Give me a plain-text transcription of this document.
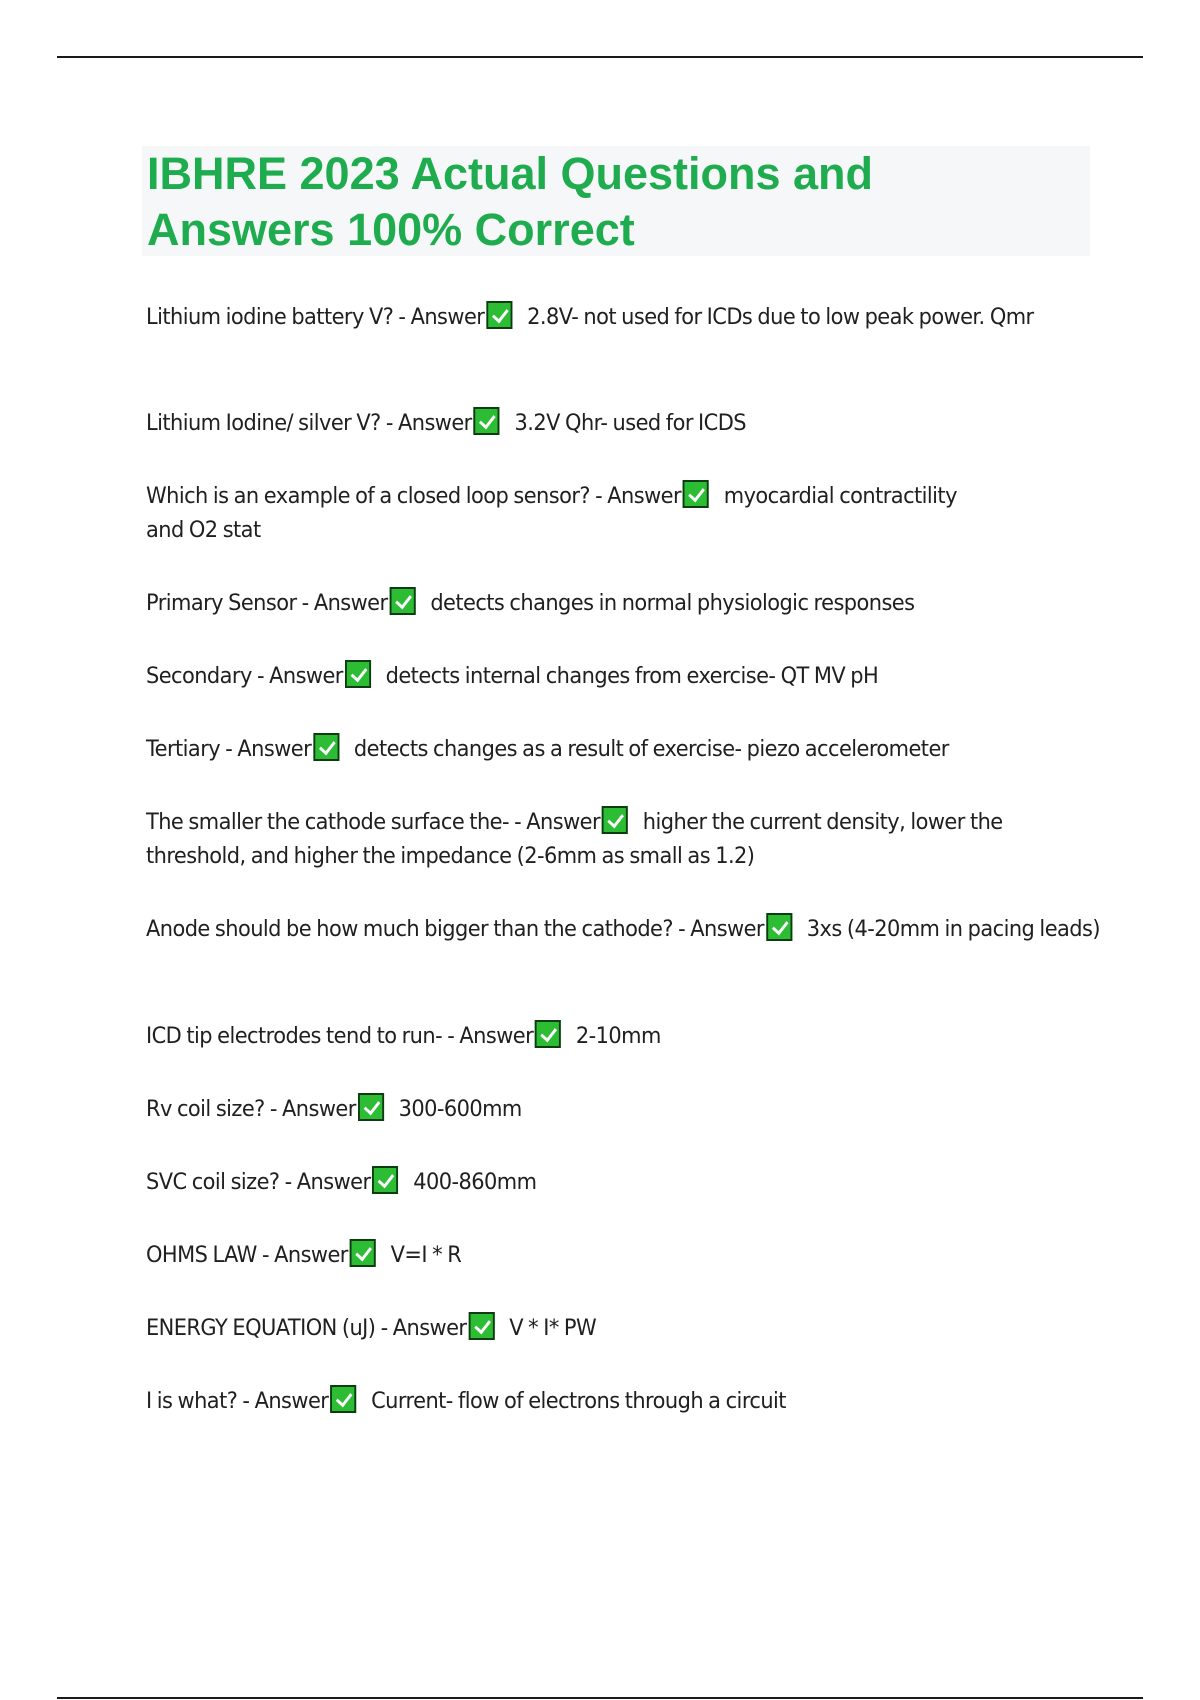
IBHRE 2023 Actual Questions and
Answers 100% Correct
Lithium iodine battery V? - Answer 2.8V- not used for ICDs due to low peak power. Qmr
Lithium Iodine/ silver V? - Answer 3.2V Qhr- used for ICDS
Which is an example of a closed loop sensor? - Answer myocardial contractility and O2 stat
Primary Sensor - Answer detects changes in normal physiologic responses
Secondary - Answer detects internal changes from exercise- QT MV pH
Tertiary - Answer detects changes as a result of exercise- piezo accelerometer
The smaller the cathode surface the- - Answer higher the current density, lower the threshold, and higher the impedance (2-6mm as small as 1.2)
Anode should be how much bigger than the cathode? - Answer 3xs (4-20mm in pacing leads)
ICD tip electrodes tend to run- - Answer 2-10mm
Rv coil size? - Answer 300-600mm
SVC coil size? - Answer 400-860mm
OHMS LAW - Answer V=I * R
ENERGY EQUATION (uJ) - Answer V * I* PW
I is what? - Answer Current- flow of electrons through a circuit
